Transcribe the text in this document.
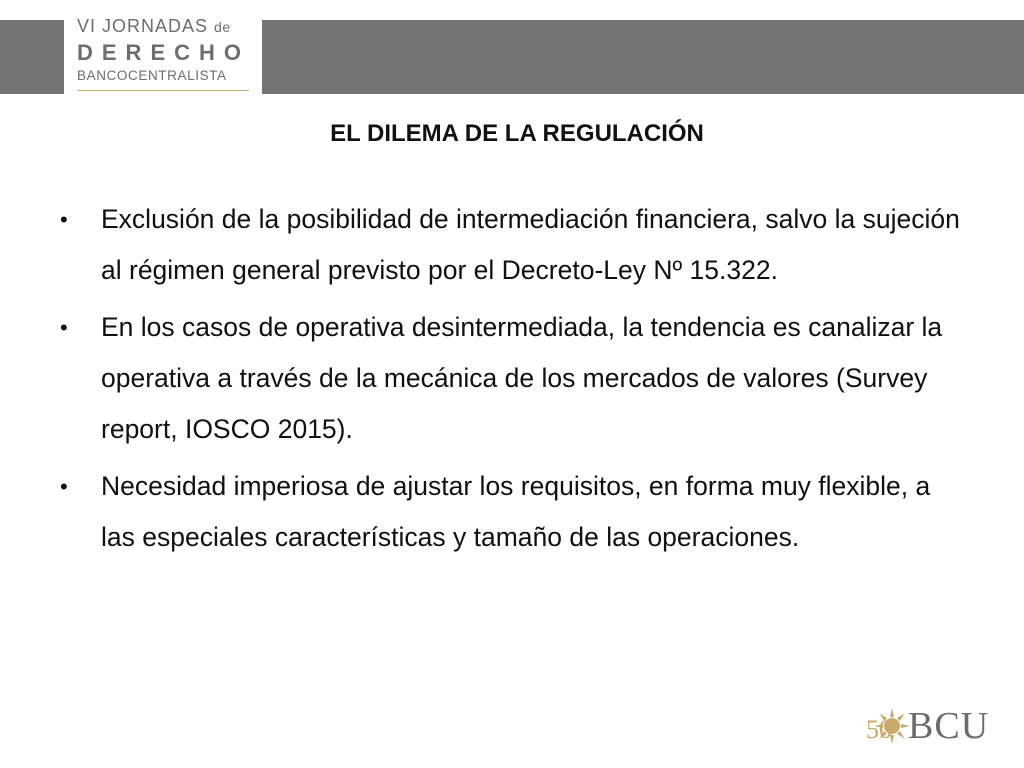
VI JORNADAS de
DERECHO
BANCOCENTRALISTA
EL DILEMA DE LA REGULACIÓN
• Exclusión de la posibilidad de intermediación financiera, salvo la sujeción al régimen general previsto por el Decreto-Ley Nº 15.322.
• En los casos de operativa desintermediada, la tendencia es canalizar la operativa a través de la mecánica de los mercados de valores (Survey report, IOSCO 2015).
• Necesidad imperiosa de ajustar los requisitos, en forma muy flexible, a las especiales características y tamaño de las operaciones.
50 BCU
